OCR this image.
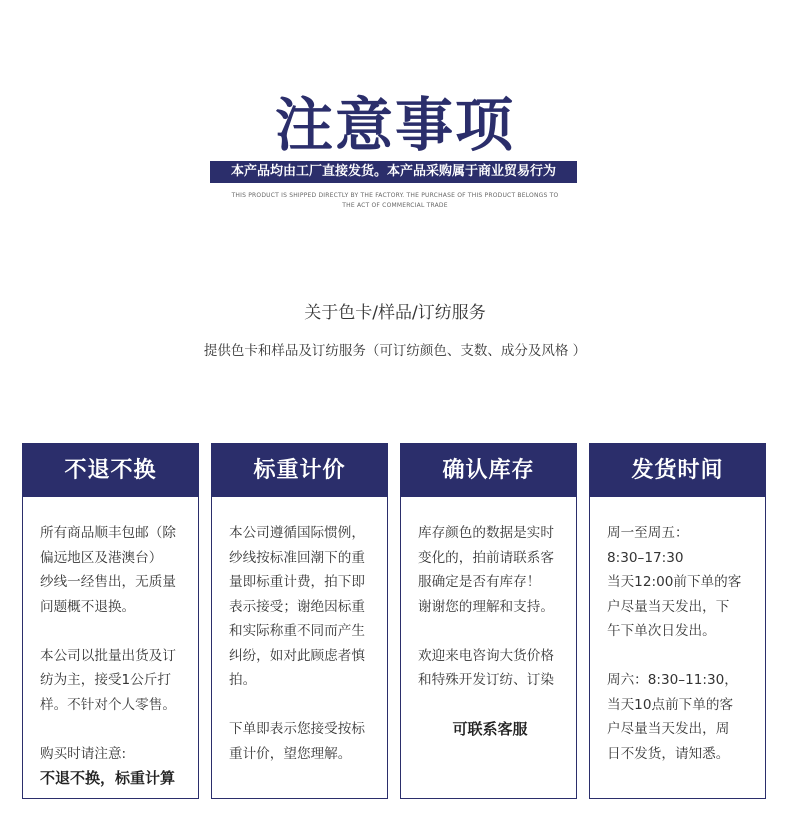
注意事项
本产品均由工厂直接发货。本产品采购属于商业贸易行为
THIS PRODUCT IS SHIPPED DIRECTLY BY THE FACTORY. THE PURCHASE OF THIS PRODUCT BELONGS TO
THE ACT OF COMMERCIAL TRADE
关于色卡/样品/订纺服务
提供色卡和样品及订纺服务（可订纺颜色、支数、成分及风格 ）
不退不换

所有商品顺丰包邮（除

偏远地区及港澳台）

纱线一经售出，无质量

问题概不退换。

本公司以批量出货及订

纺为主，接受1公斤打

样。不针对个人零售。

购买时请注意:

不退不换，标重计算

标重计价

本公司遵循国际惯例，

纱线按标准回潮下的重

量即标重计费，拍下即

表示接受；谢绝因标重

和实际称重不同而产生

纠纷，如对此顾虑者慎

拍。

下单即表示您接受按标

重计价，望您理解。

确认库存

库存颜色的数据是实时

变化的，拍前请联系客

服确定是否有库存！

谢谢您的理解和支持。

欢迎来电咨询大货价格

和特殊开发订纺、订染

可联系客服

发货时间

周一至周五：

8:30–17:30

当天12:00前下单的客

户尽量当天发出，下

午下单次日发出。

周六：8:30–11:30，

当天10点前下单的客

户尽量当天发出，周

日不发货，请知悉。
